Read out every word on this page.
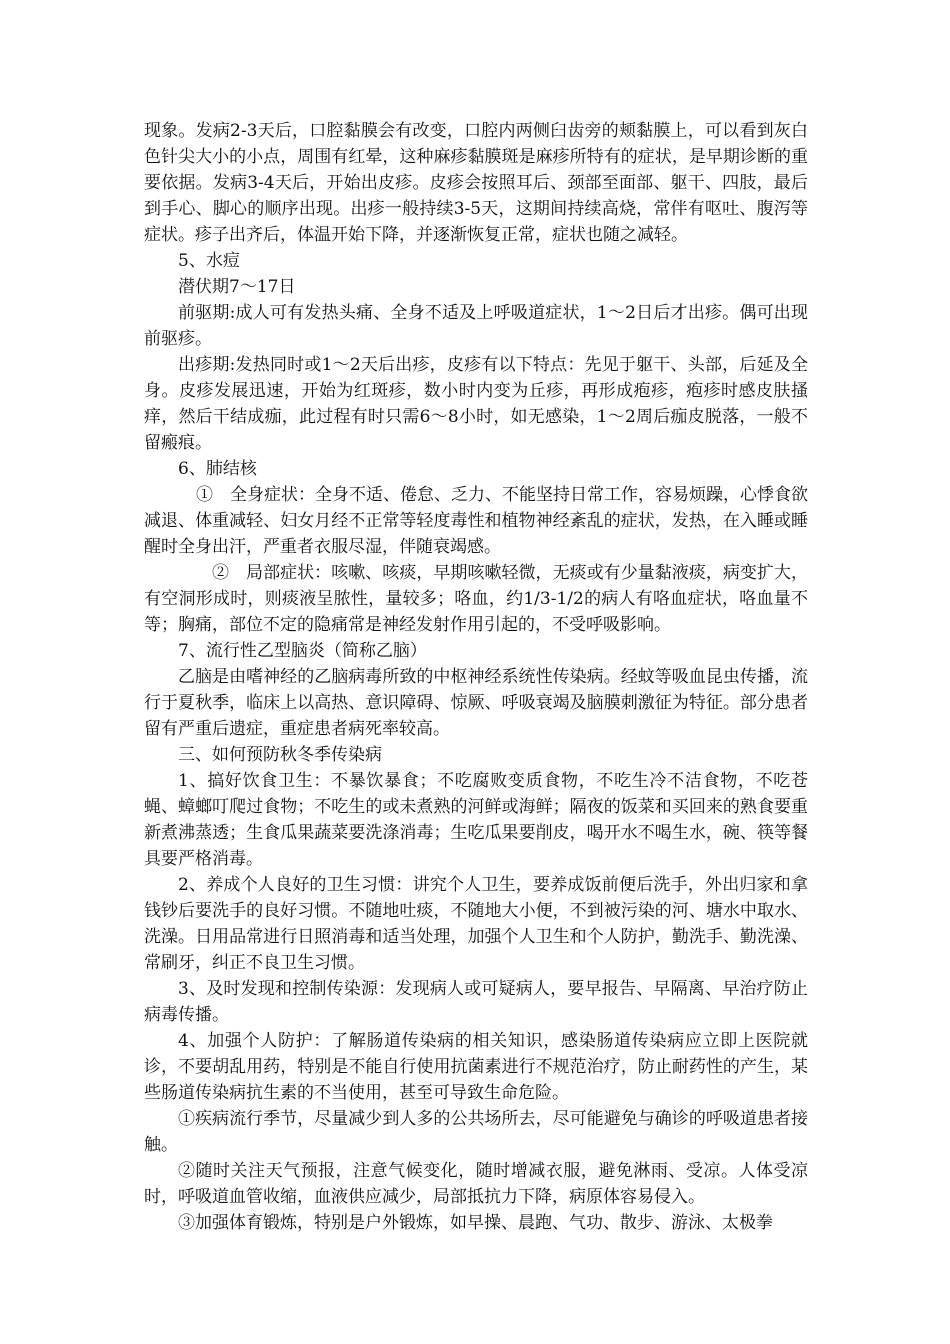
现象。发病2-3天后，口腔黏膜会有改变，口腔内两侧臼齿旁的颊黏膜上，可以看到灰白色针尖大小的小点，周围有红晕，这种麻疹黏膜斑是麻疹所特有的症状，是早期诊断的重要依据。发病3-4天后，开始出皮疹。皮疹会按照耳后、颈部至面部、躯干、四肢，最后到手心、脚心的顺序出现。出疹一般持续3-5天，这期间持续高烧，常伴有呕吐、腹泻等症状。疹子出齐后，体温开始下降，并逐渐恢复正常，症状也随之减轻。

5、水痘

潜伏期7～17日

前驱期:成人可有发热头痛、全身不适及上呼吸道症状，1～2日后才出疹。偶可出现前驱疹。

出疹期:发热同时或1～2天后出疹，皮疹有以下特点：先见于躯干、头部，后延及全身。皮疹发展迅速，开始为红斑疹，数小时内变为丘疹，再形成疱疹，疱疹时感皮肤搔痒，然后干结成痂，此过程有时只需6～8小时，如无感染，1～2周后痂皮脱落，一般不留瘢痕。

6、肺结核

①　全身症状：全身不适、倦怠、乏力、不能坚持日常工作，容易烦躁，心悸食欲减退、体重减轻、妇女月经不正常等轻度毒性和植物神经紊乱的症状，发热，在入睡或睡醒时全身出汗，严重者衣服尽湿，伴随衰竭感。

②　局部症状：咳嗽、咳痰，早期咳嗽轻微，无痰或有少量黏液痰，病变扩大，有空洞形成时，则痰液呈脓性，量较多；咯血，约1/3-1/2的病人有咯血症状，咯血量不等；胸痛，部位不定的隐痛常是神经发射作用引起的，不受呼吸影响。

7、流行性乙型脑炎（简称乙脑）

乙脑是由嗜神经的乙脑病毒所致的中枢神经系统性传染病。经蚊等吸血昆虫传播，流行于夏秋季，临床上以高热、意识障碍、惊厥、呼吸衰竭及脑膜刺激征为特征。部分患者留有严重后遗症，重症患者病死率较高。

三、如何预防秋冬季传染病

1、搞好饮食卫生：不暴饮暴食；不吃腐败变质食物，不吃生冷不洁食物，不吃苍蝇、蟑螂叮爬过食物；不吃生的或未煮熟的河鲜或海鲜；隔夜的饭菜和买回来的熟食要重新煮沸蒸透；生食瓜果蔬菜要洗涤消毒；生吃瓜果要削皮，喝开水不喝生水，碗、筷等餐具要严格消毒。

2、养成个人良好的卫生习惯：讲究个人卫生，要养成饭前便后洗手，外出归家和拿钱钞后要洗手的良好习惯。不随地吐痰，不随地大小便，不到被污染的河、塘水中取水、洗澡。日用品常进行日照消毒和适当处理，加强个人卫生和个人防护，勤洗手、勤洗澡、常刷牙，纠正不良卫生习惯。

3、及时发现和控制传染源：发现病人或可疑病人，要早报告、早隔离、早治疗防止病毒传播。

4、加强个人防护：了解肠道传染病的相关知识，感染肠道传染病应立即上医院就诊，不要胡乱用药，特别是不能自行使用抗菌素进行不规范治疗，防止耐药性的产生，某些肠道传染病抗生素的不当使用，甚至可导致生命危险。

①疾病流行季节，尽量减少到人多的公共场所去，尽可能避免与确诊的呼吸道患者接触。

②随时关注天气预报，注意气候变化，随时增减衣服，避免淋雨、受凉。人体受凉时，呼吸道血管收缩，血液供应减少，局部抵抗力下降，病原体容易侵入。

③加强体育锻炼，特别是户外锻炼，如早操、晨跑、气功、散步、游泳、太极拳
